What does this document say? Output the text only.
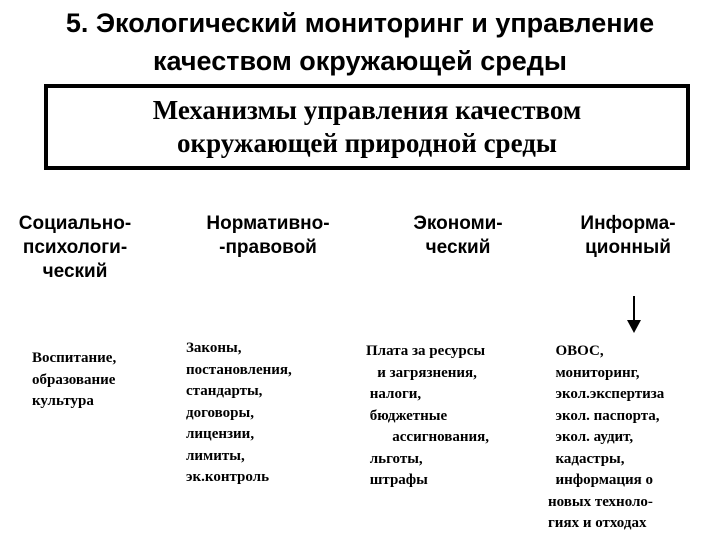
5. Экологический мониторинг и управление
качеством окружающей среды
Механизмы управления качеством
окружающей природной среды
Социально-
психологи-
ческий
Нормативно-
-правовой
Экономи-
ческий
Информа-
ционный
Воспитание,
образование
культура
Законы,
постановления,
стандарты,
договоры,
лицензии,
лимиты,
эк.контроль
Плата за ресурсы
и загрязнения,
налоги,
бюджетные
ассигнования,
льготы,
штрафы
ОВОС,
мониторинг,
экол.экспертиза
экол. паспорта,
экол. аудит,
кадастры,
информация о
новых техноло-
гиях и отходах
